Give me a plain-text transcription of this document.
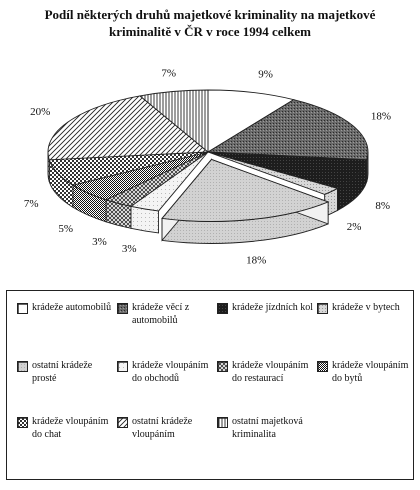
Podíl některých druhů majetkové kriminality na majetkové
kriminalitě v ČR v roce 1994 celkem
9%
18%
8%
2%
18%
3%
3%
5%
7%
20%
7%
krádeže automobilů krádeže věcí z automobilů
krádeže jízdních kol krádeže v bytech
ostatní krádeže prosté
krádeže vloupáním do obchodů
krádeže vloupáním do restaurací
krádeže vloupáním do bytů
krádeže vloupáním do chat
ostatní krádeže vloupáním
ostatní majetková kriminalita
